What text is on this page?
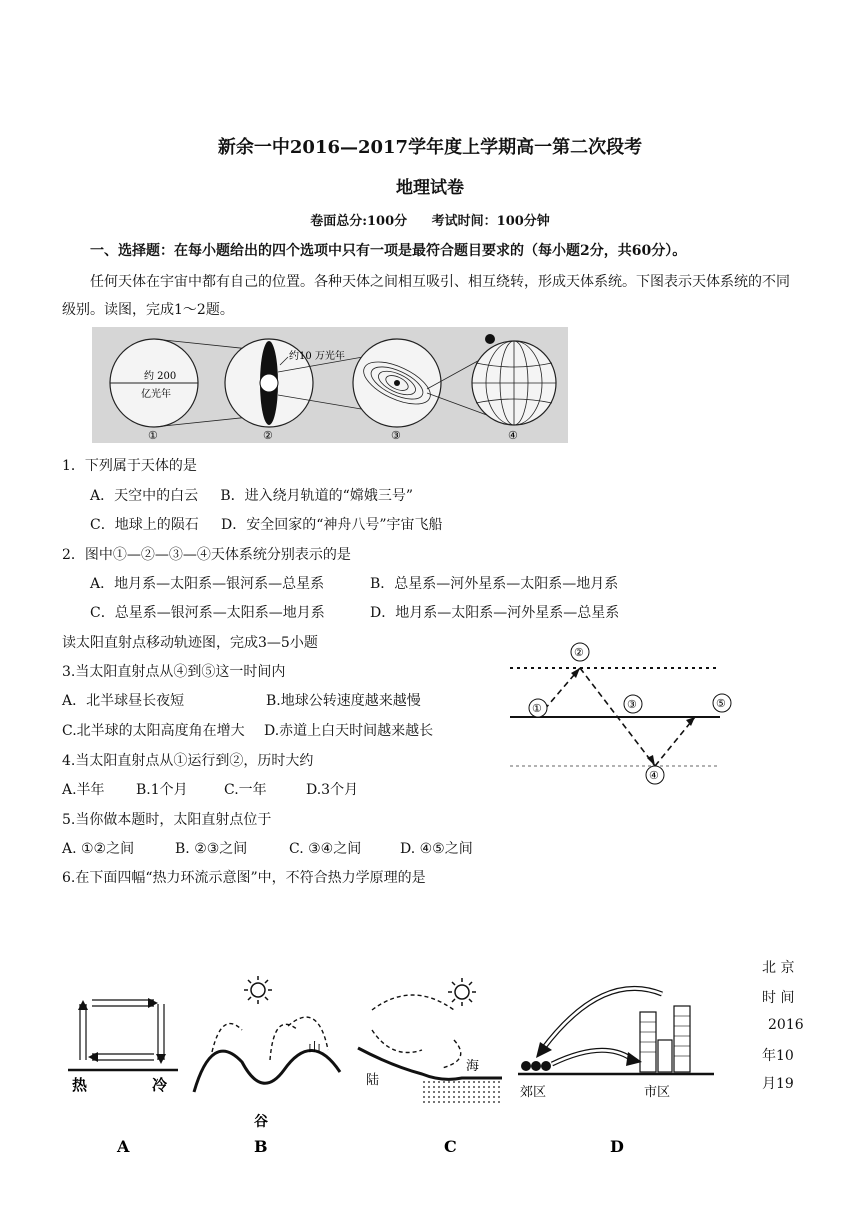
新余一中2016—2017学年度上学期高一第二次段考
地理试卷
卷面总分:100分 考试时间：100分钟
一、选择题：在每小题给出的四个选项中只有一项是最符合题目要求的（每小题2分，共60分）。
任何天体在宇宙中都有自己的位置。各种天体之间相互吸引、相互绕转，形成天体系统。下图表示天体系统的不同级别。读图，完成1～2题。
约 200
亿光年
约10 万光年
①	②	③	④
1．下列属于天体的是
A．天空中的白云 B．进入绕月轨道的“嫦娥三号”
C．地球上的陨石 D．安全回家的“神舟八号”宇宙飞船
2．图中①—②—③—④天体系统分别表示的是
A．地月系—太阳系—银河系—总星系	B．总星系—河外星系—太阳系—地月系
C．总星系—银河系—太阳系—地月系	D．地月系—太阳系—河外星系—总星系
读太阳直射点移动轨迹图，完成3—5小题
3.当太阳直射点从④到⑤这一时间内
A．北半球昼长夜短	B.地球公转速度越来越慢
C.北半球的太阳高度角在增大 D.赤道上白天时间越来越长
①
②
③
④
⑤
4.当太阳直射点从①运行到②，历时大约
A.半年 B.1个月	C.一年	D.3个月
5.当你做本题时，太阳直射点位于
A. ①②之间	B. ②③之间	C. ③④之间	D. ④⑤之间
6.在下面四幅“热力环流示意图”中，不符合热力学原理的是
北 京
时 间
2016
年10
月19
热	冷
A
山
谷
B
陆
海
C
郊区	市区
D
